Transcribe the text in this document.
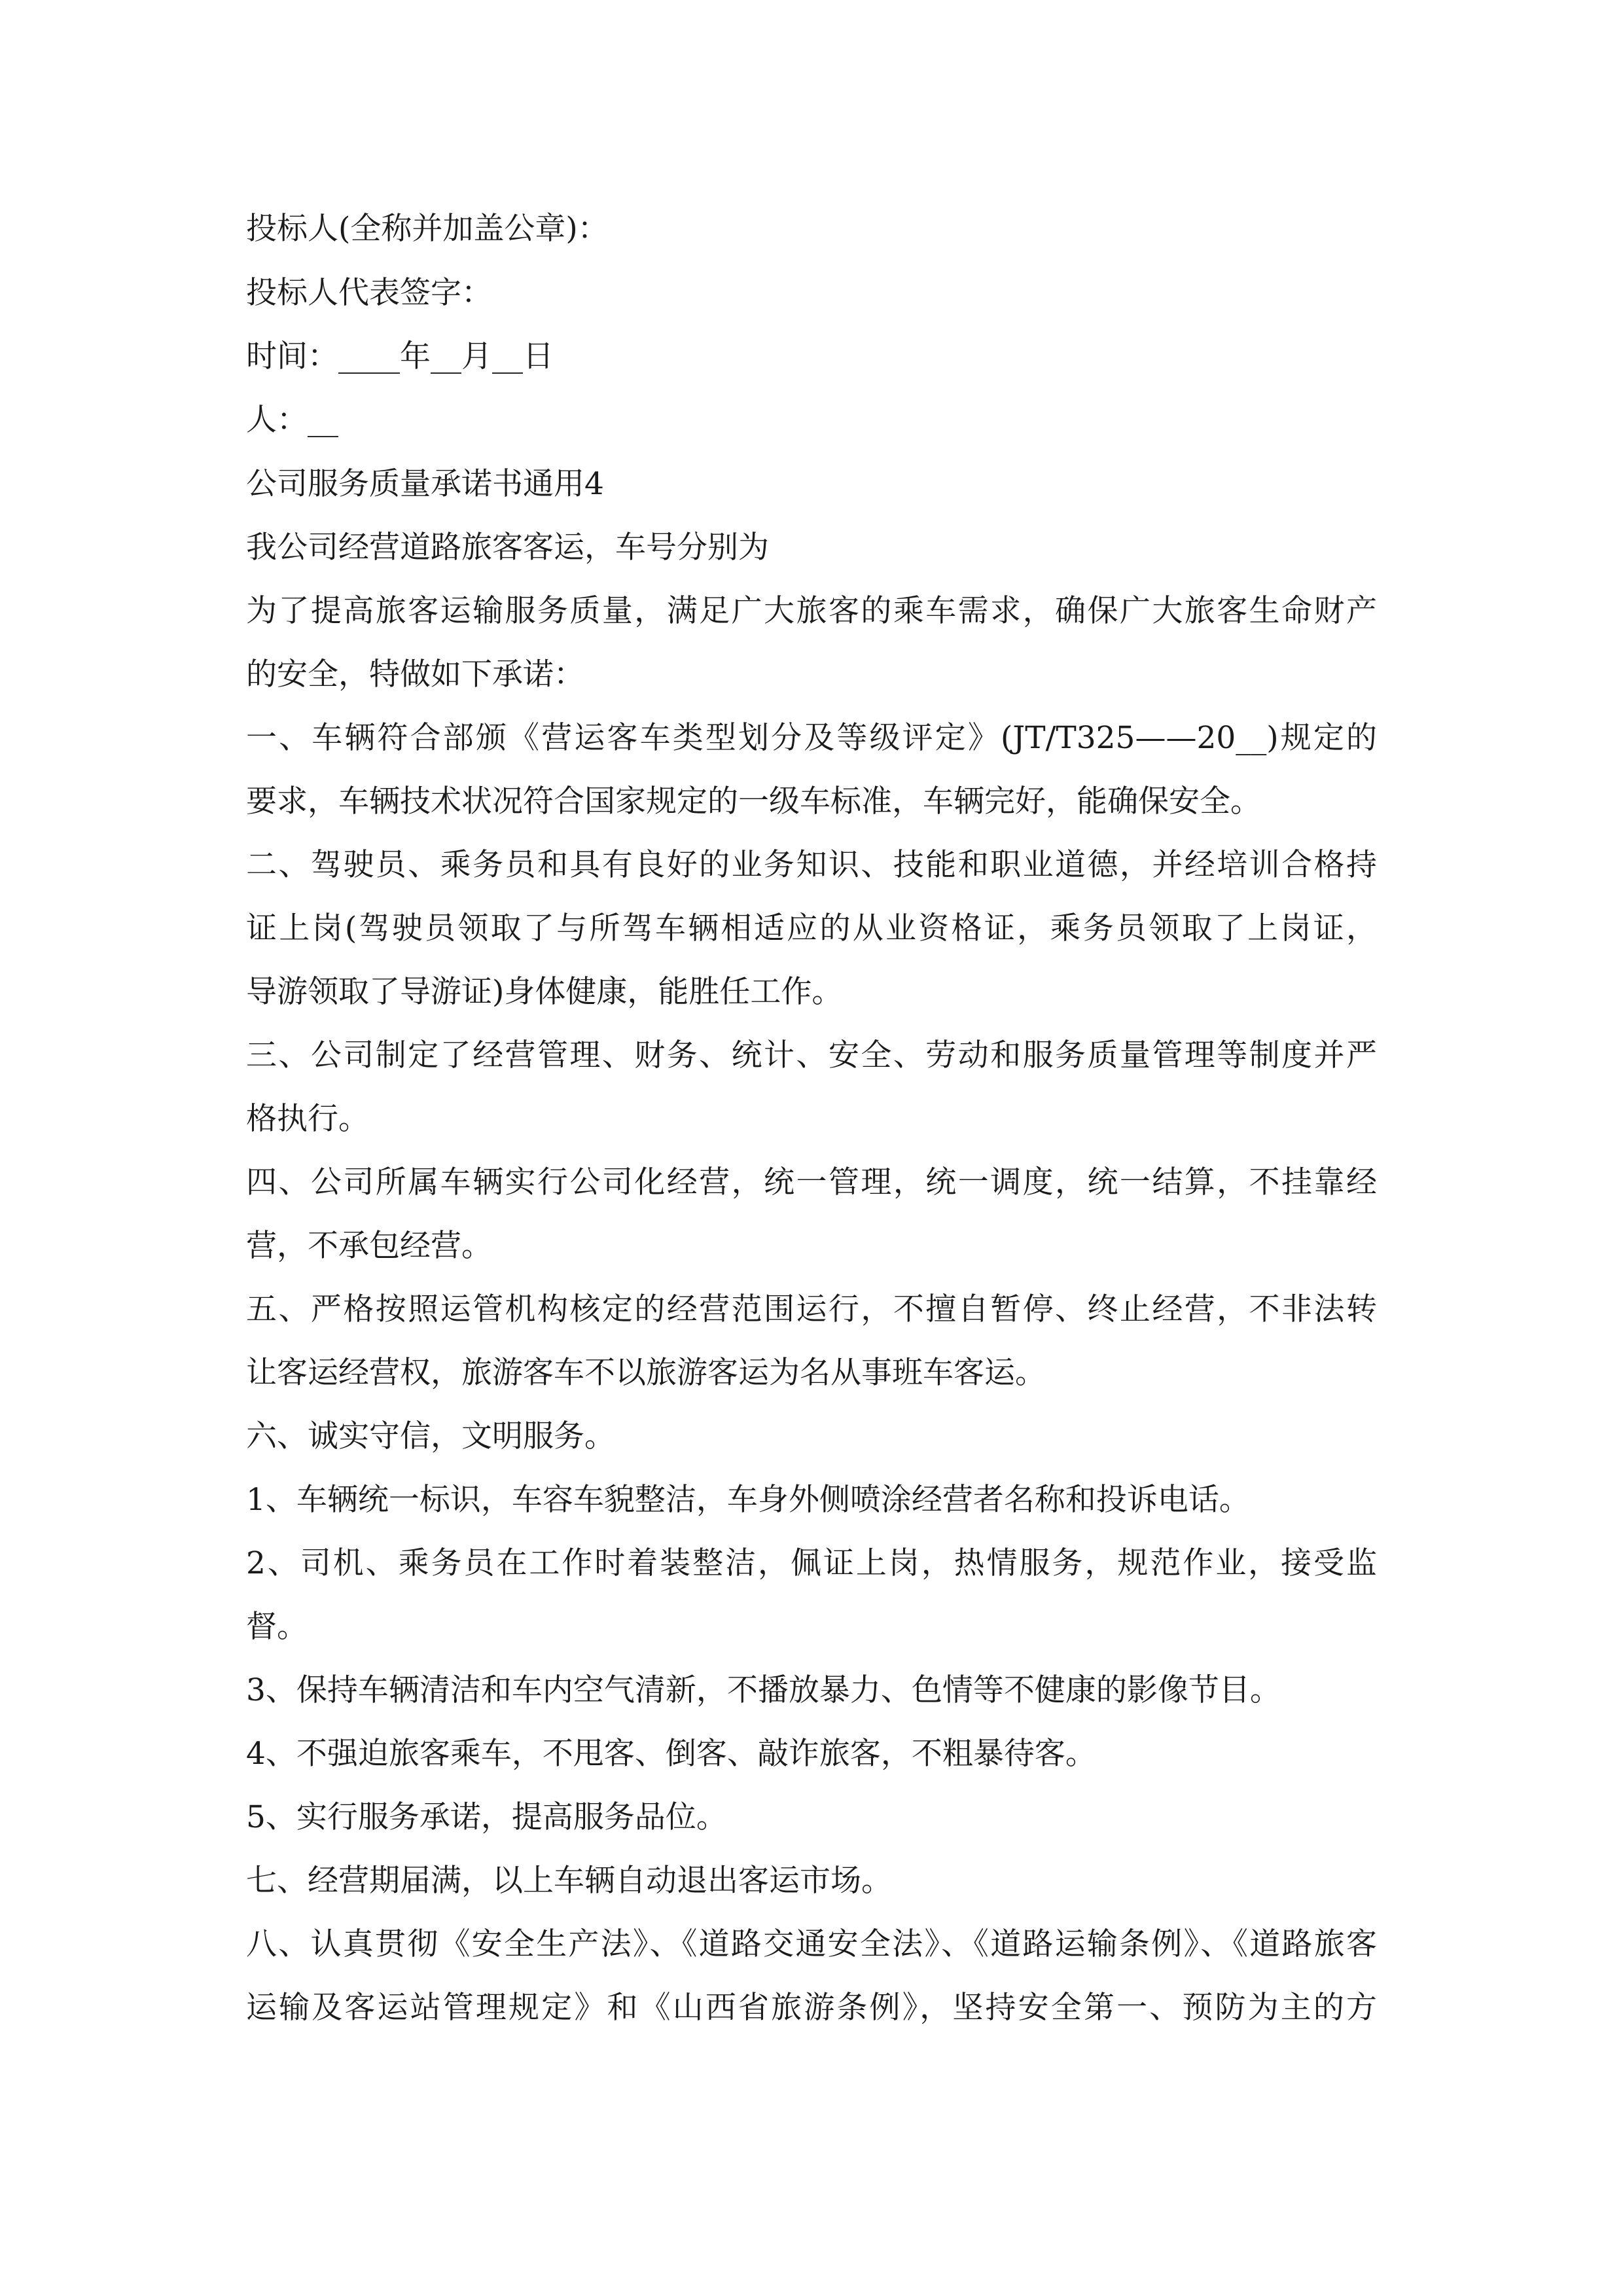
投标人(全称并加盖公章)：

投标人代表签字：

时间：____年__月__日

人：__

公司服务质量承诺书通用4

我公司经营道路旅客客运，车号分别为

为了提高旅客运输服务质量，满足广大旅客的乘车需求，确保广大旅客生命财产

的安全，特做如下承诺：

一、车辆符合部颁《营运客车类型划分及等级评定》(JT/T325——20__)规定的

要求，车辆技术状况符合国家规定的一级车标准，车辆完好，能确保安全。

二、驾驶员、乘务员和具有良好的业务知识、技能和职业道德，并经培训合格持

证上岗(驾驶员领取了与所驾车辆相适应的从业资格证，乘务员领取了上岗证，

导游领取了导游证)身体健康，能胜任工作。

三、公司制定了经营管理、财务、统计、安全、劳动和服务质量管理等制度并严

格执行。

四、公司所属车辆实行公司化经营，统一管理，统一调度，统一结算，不挂靠经

营，不承包经营。

五、严格按照运管机构核定的经营范围运行，不擅自暂停、终止经营，不非法转

让客运经营权，旅游客车不以旅游客运为名从事班车客运。

六、诚实守信，文明服务。

1、车辆统一标识，车容车貌整洁，车身外侧喷涂经营者名称和投诉电话。

2、司机、乘务员在工作时着装整洁，佩证上岗，热情服务，规范作业，接受监

督。

3、保持车辆清洁和车内空气清新，不播放暴力、色情等不健康的影像节目。

4、不强迫旅客乘车，不甩客、倒客、敲诈旅客，不粗暴待客。

5、实行服务承诺，提高服务品位。

七、经营期届满，以上车辆自动退出客运市场。

八、认真贯彻《安全生产法》、《道路交通安全法》、《道路运输条例》、《道路旅客

运输及客运站管理规定》和《山西省旅游条例》，坚持安全第一、预防为主的方
